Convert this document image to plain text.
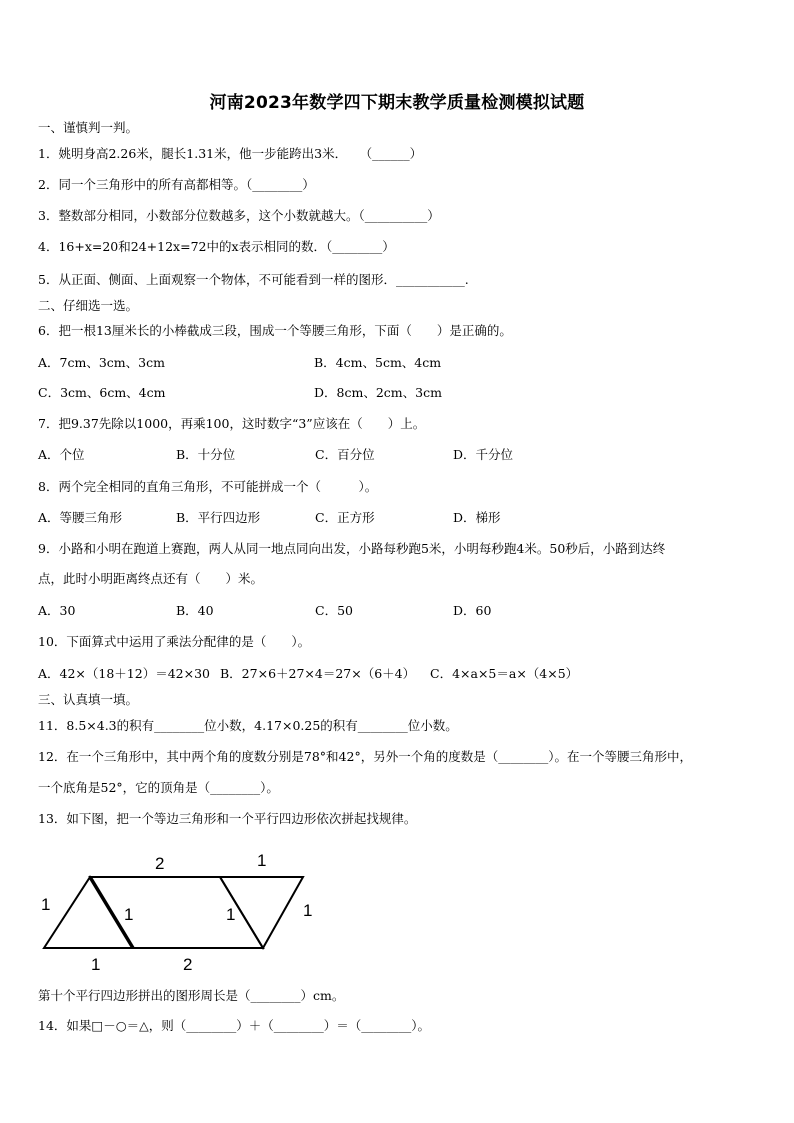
河南2023年数学四下期末教学质量检测模拟试题
一、谨慎判一判。
1．姚明身高2.26米，腿长1.31米，他一步能跨出3米．　　（______）
2．同一个三角形中的所有高都相等。（________）
3．整数部分相同，小数部分位数越多，这个小数就越大。（__________）
4．16+x=20和24+12x=72中的x表示相同的数．（________）
5．从正面、侧面、上面观察一个物体，不可能看到一样的图形．___________.
二、仔细选一选。
6．把一根13厘米长的小棒截成三段，围成一个等腰三角形，下面（　　）是正确的。
A．7cm、3cm、3cm	B．4cm、5cm、4cm
C．3cm、6cm、4cm	D．8cm、2cm、3cm
7．把9.37先除以1000，再乘100，这时数字“3”应该在（　　）上。
A．个位	B．十分位	C．百分位	D．千分位
8．两个完全相同的直角三角形，不可能拼成一个（　　　）。
A．等腰三角形	B．平行四边形	C．正方形	D．梯形
9．小路和小明在跑道上赛跑，两人从同一地点同向出发，小路每秒跑5米，小明每秒跑4米。50秒后，小路到达终
点，此时小明距离终点还有（　　）米。
A．30	B．40	C．50	D．60
10．下面算式中运用了乘法分配律的是（　　）。
A．42×（18＋12）＝42×30 B．27×6＋27×4＝27×（6＋4） C．4×a×5＝a×（4×5）
三、认真填一填。
11．8.5×4.3的积有________位小数，4.17×0.25的积有________位小数。
12．在一个三角形中，其中两个角的度数分别是78°和42°，另外一个角的度数是（________）。在一个等腰三角形中，
一个底角是52°，它的顶角是（________）。
13．如下图，把一个等边三角形和一个平行四边形依次拼起找规律。
2	1
1
1	1	1
1	2
第十个平行四边形拼出的图形周长是（________）cm。
14．如果□－○＝△，则（________）＋（________）＝（________）。
